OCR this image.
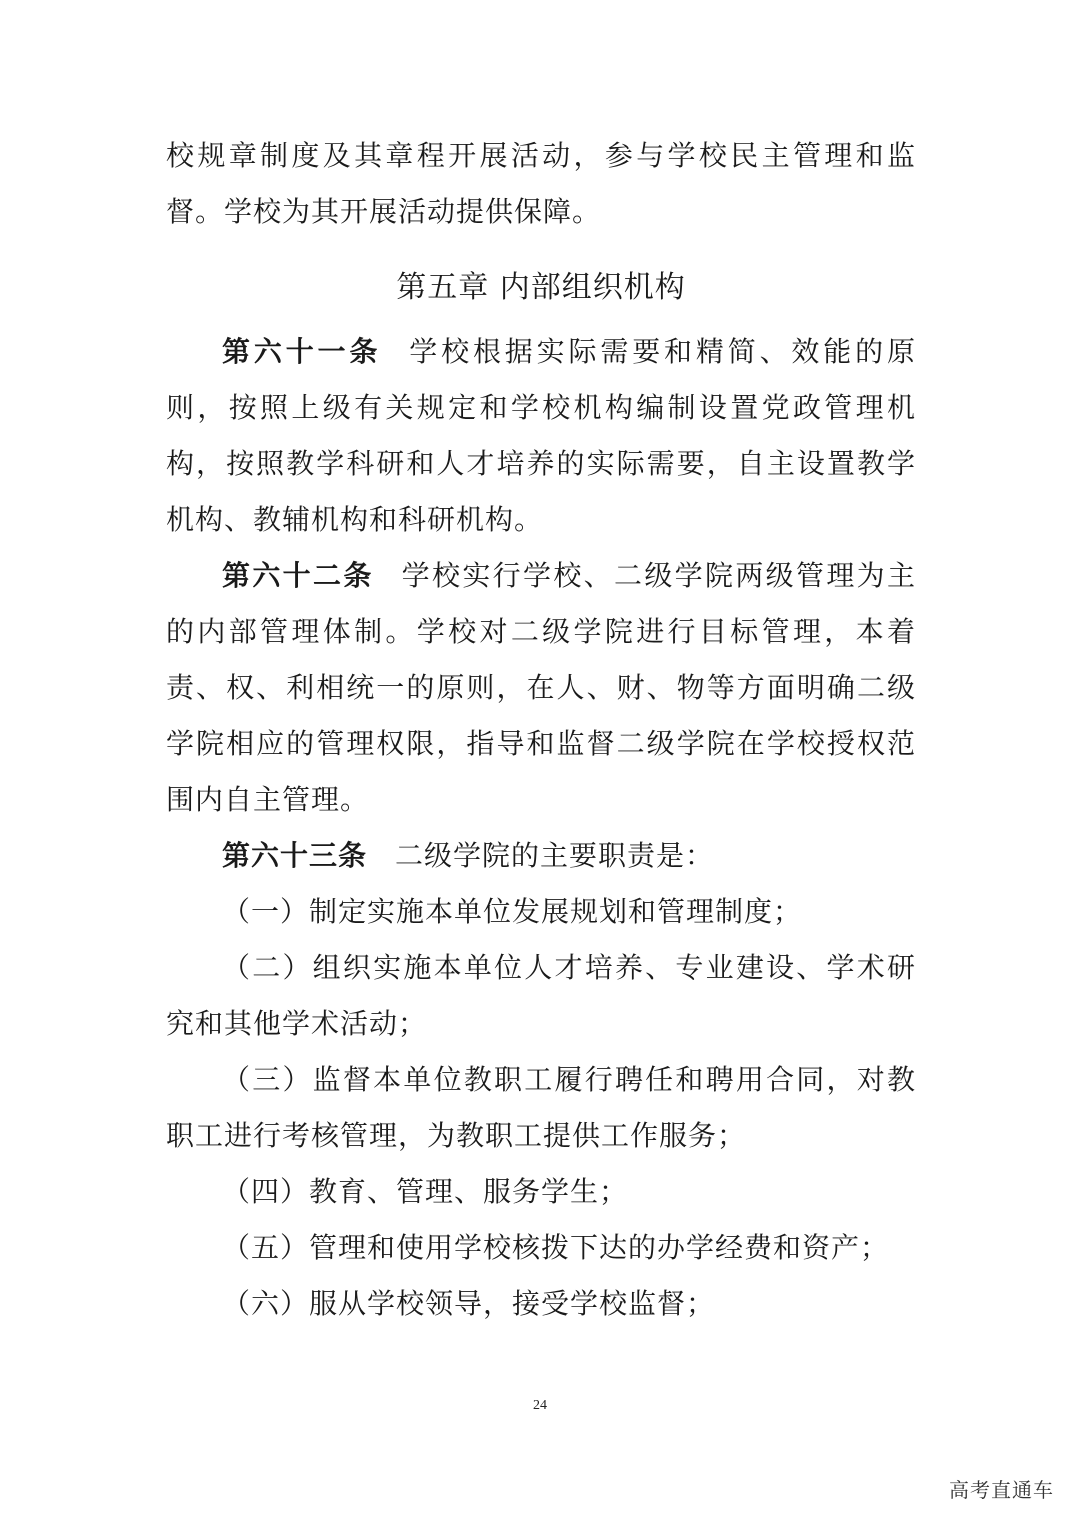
校规章制度及其章程开展活动，参与学校民主管理和监督。学校为其开展活动提供保障。

第五章 内部组织机构

第六十一条 学校根据实际需要和精简、效能的原则，按照上级有关规定和学校机构编制设置党政管理机构，按照教学科研和人才培养的实际需要，自主设置教学机构、教辅机构和科研机构。

第六十二条 学校实行学校、二级学院两级管理为主的内部管理体制。学校对二级学院进行目标管理，本着责、权、利相统一的原则，在人、财、物等方面明确二级学院相应的管理权限，指导和监督二级学院在学校授权范围内自主管理。

第六十三条 二级学院的主要职责是：

（一）制定实施本单位发展规划和管理制度；

（二）组织实施本单位人才培养、专业建设、学术研究和其他学术活动；

（三）监督本单位教职工履行聘任和聘用合同，对教职工进行考核管理，为教职工提供工作服务；

（四）教育、管理、服务学生；

（五）管理和使用学校核拨下达的办学经费和资产；

（六）服从学校领导，接受学校监督；

24
高考直通车
